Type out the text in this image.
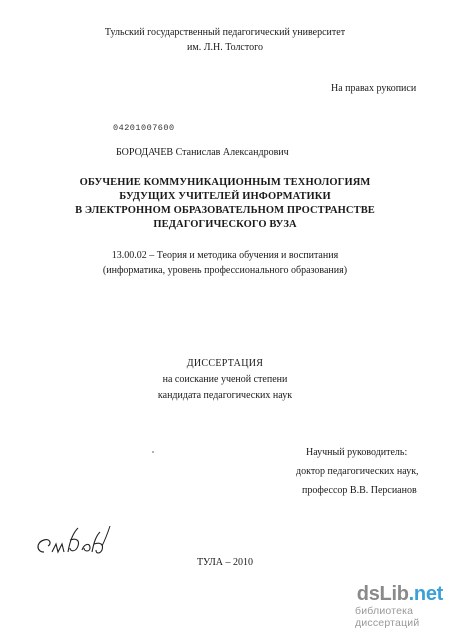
Тульский государственный педагогический университет
им. Л.Н. Толстого
На правах рукописи
04201007600
БОРОДАЧЕВ Станислав Александрович
ОБУЧЕНИЕ КОММУНИКАЦИОННЫМ ТЕХНОЛОГИЯМ
БУДУЩИХ УЧИТЕЛЕЙ ИНФОРМАТИКИ
В ЭЛЕКТРОННОМ ОБРАЗОВАТЕЛЬНОМ ПРОСТРАНСТВЕ
ПЕДАГОГИЧЕСКОГО ВУЗА
13.00.02 – Теория и методика обучения и воспитания
(информатика, уровень профессионального образования)
ДИССЕРТАЦИЯ
на соискание ученой степени
кандидата педагогических наук
Научный руководитель:
доктор педагогических наук,
профессор В.В. Персианов
ТУЛА – 2010
dsLib.net
библиотека диссертаций
